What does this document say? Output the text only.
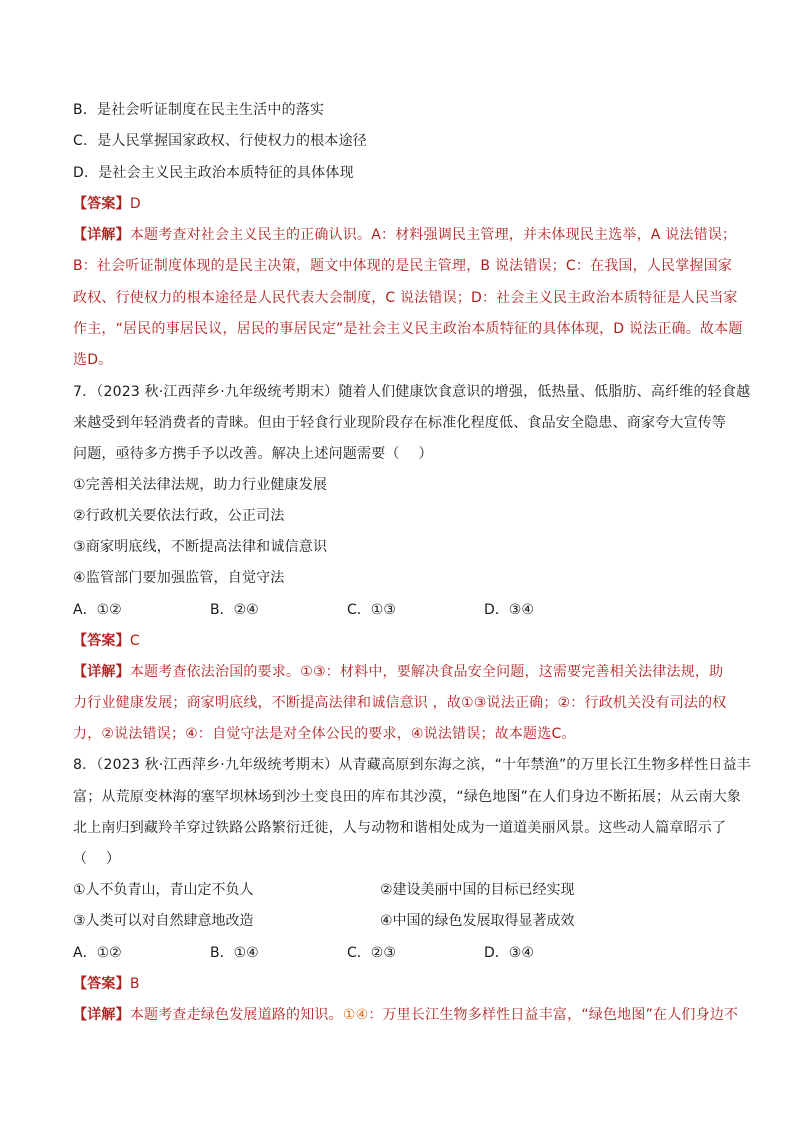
B．是社会听证制度在民主生活中的落实
C．是人民掌握国家政权、行使权力的根本途径
D．是社会主义民主政治本质特征的具体体现
【答案】D
【详解】本题考查对社会主义民主的正确认识。A：材料强调民主管理，并未体现民主选举，A 说法错误；
B：社会听证制度体现的是民主决策，题文中体现的是民主管理，B 说法错误；C：在我国，人民掌握国家
政权、行使权力的根本途径是人民代表大会制度，C 说法错误；D：社会主义民主政治本质特征是人民当家
作主，“居民的事居民议，居民的事居民定”是社会主义民主政治本质特征的具体体现，D 说法正确。故本题
选D。
7．（2023 秋·江西萍乡·九年级统考期末）随着人们健康饮食意识的增强，低热量、低脂肪、高纤维的轻食越
来越受到年轻消费者的青睐。但由于轻食行业现阶段存在标准化程度低、食品安全隐患、商家夸大宣传等
问题，亟待多方携手予以改善。解决上述问题需要（　 ）
①完善相关法律法规，助力行业健康发展
②行政机关要依法行政，公正司法
③商家明底线，不断提高法律和诚信意识
④监管部门要加强监管，自觉守法
A．①②	B．②④	C．①③	D．③④
【答案】C
【详解】本题考查依法治国的要求。①③：材料中，要解决食品安全问题，这需要完善相关法律法规，助
力行业健康发展；商家明底线，不断提高法律和诚信意识 ，故①③说法正确；②：行政机关没有司法的权
力，②说法错误；④：自觉守法是对全体公民的要求，④说法错误；故本题选C。
8．（2023 秋·江西萍乡·九年级统考期末）从青藏高原到东海之滨，“十年禁渔”的万里长江生物多样性日益丰
富；从荒原变林海的塞罕坝林场到沙土变良田的库布其沙漠，“绿色地图”在人们身边不断拓展；从云南大象
北上南归到藏羚羊穿过铁路公路繁衍迁徙，人与动物和谐相处成为一道道美丽风景。这些动人篇章昭示了
（　 ）
①人不负青山，青山定不负人	②建设美丽中国的目标已经实现
③人类可以对自然肆意地改造	④中国的绿色发展取得显著成效
A．①②	B．①④	C．②③	D．③④
【答案】B
【详解】本题考查走绿色发展道路的知识。①④：万里长江生物多样性日益丰富，“绿色地图”在人们身边不
